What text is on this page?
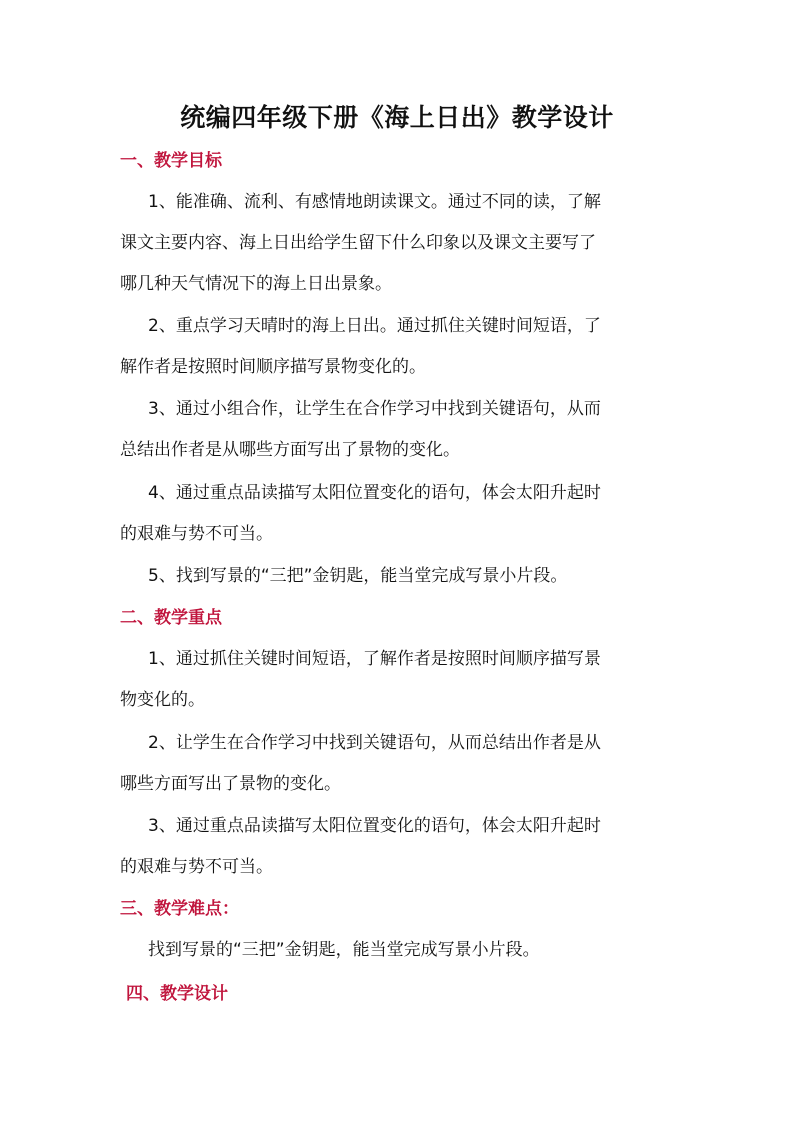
统编四年级下册《海上日出》教学设计
一、教学目标
1、能准确、流利、有感情地朗读课文。通过不同的读，了解
课文主要内容、海上日出给学生留下什么印象以及课文主要写了
哪几种天气情况下的海上日出景象。
2、重点学习天晴时的海上日出。通过抓住关键时间短语，了
解作者是按照时间顺序描写景物变化的。
3、通过小组合作，让学生在合作学习中找到关键语句，从而
总结出作者是从哪些方面写出了景物的变化。
4、通过重点品读描写太阳位置变化的语句，体会太阳升起时
的艰难与势不可当。
5、找到写景的“三把”金钥匙，能当堂完成写景小片段。
二、教学重点
1、通过抓住关键时间短语，了解作者是按照时间顺序描写景
物变化的。
2、让学生在合作学习中找到关键语句，从而总结出作者是从
哪些方面写出了景物的变化。
3、通过重点品读描写太阳位置变化的语句，体会太阳升起时
的艰难与势不可当。
三、教学难点：
找到写景的“三把”金钥匙，能当堂完成写景小片段。
四、教学设计
